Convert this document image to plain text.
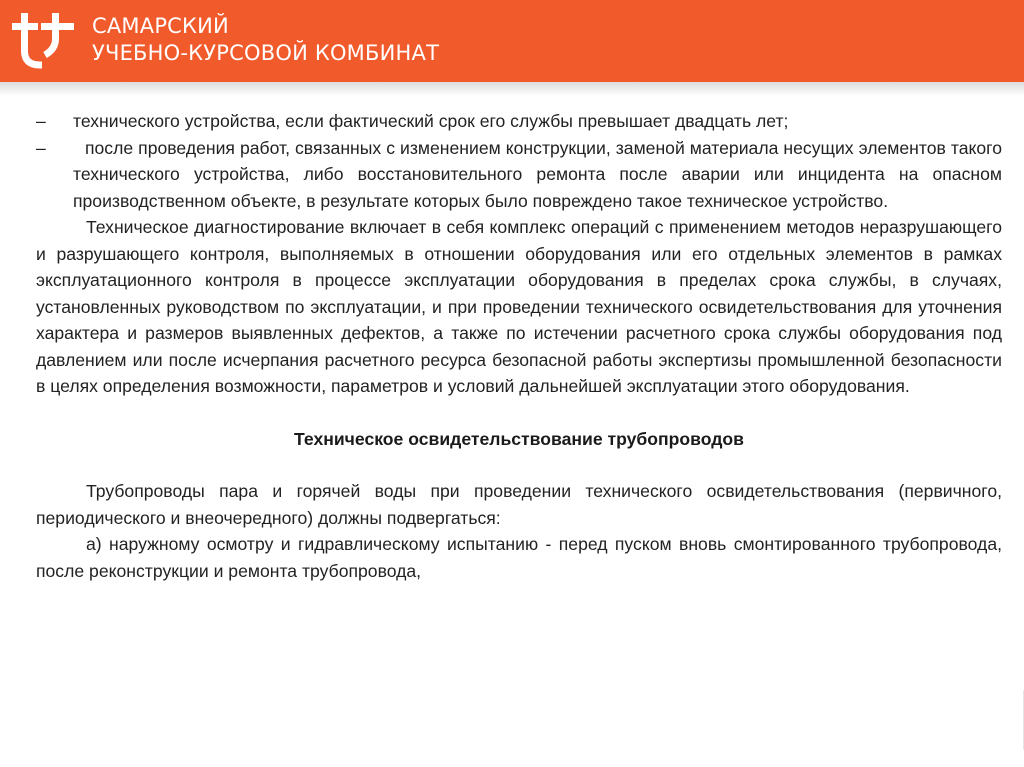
САМАРСКИЙ
УЧЕБНО-КУРСОВОЙ КОМБИНАТ
– технического устройства, если фактический срок его службы превышает двадцать лет;
– после проведения работ, связанных с изменением конструкции, заменой материала несущих элементов такого технического устройства, либо восстановительного ремонта после аварии или инцидента на опасном производственном объекте, в результате которых было повреждено такое техническое устройство.

Техническое диагностирование включает в себя комплекс операций с применением методов неразрушающего и разрушающего контроля, выполняемых в отношении оборудования или его отдельных элементов в рамках эксплуатационного контроля в процессе эксплуатации оборудования в пределах срока службы, в случаях, установленных руководством по эксплуатации, и при проведении технического освидетельствования для уточнения характера и размеров выявленных дефектов, а также по истечении расчетного срока службы оборудования под давлением или после исчерпания расчетного ресурса безопасной работы экспертизы промышленной безопасности в целях определения возможности, параметров и условий дальнейшей эксплуатации этого оборудования.

Техническое освидетельствование трубопроводов

Трубопроводы пара и горячей воды при проведении технического освидетельствования (первичного, периодического и внеочередного) должны подвергаться:

а) наружному осмотру и гидравлическому испытанию - перед пуском вновь смонтированного трубопровода, после реконструкции и ремонта трубопровода,
